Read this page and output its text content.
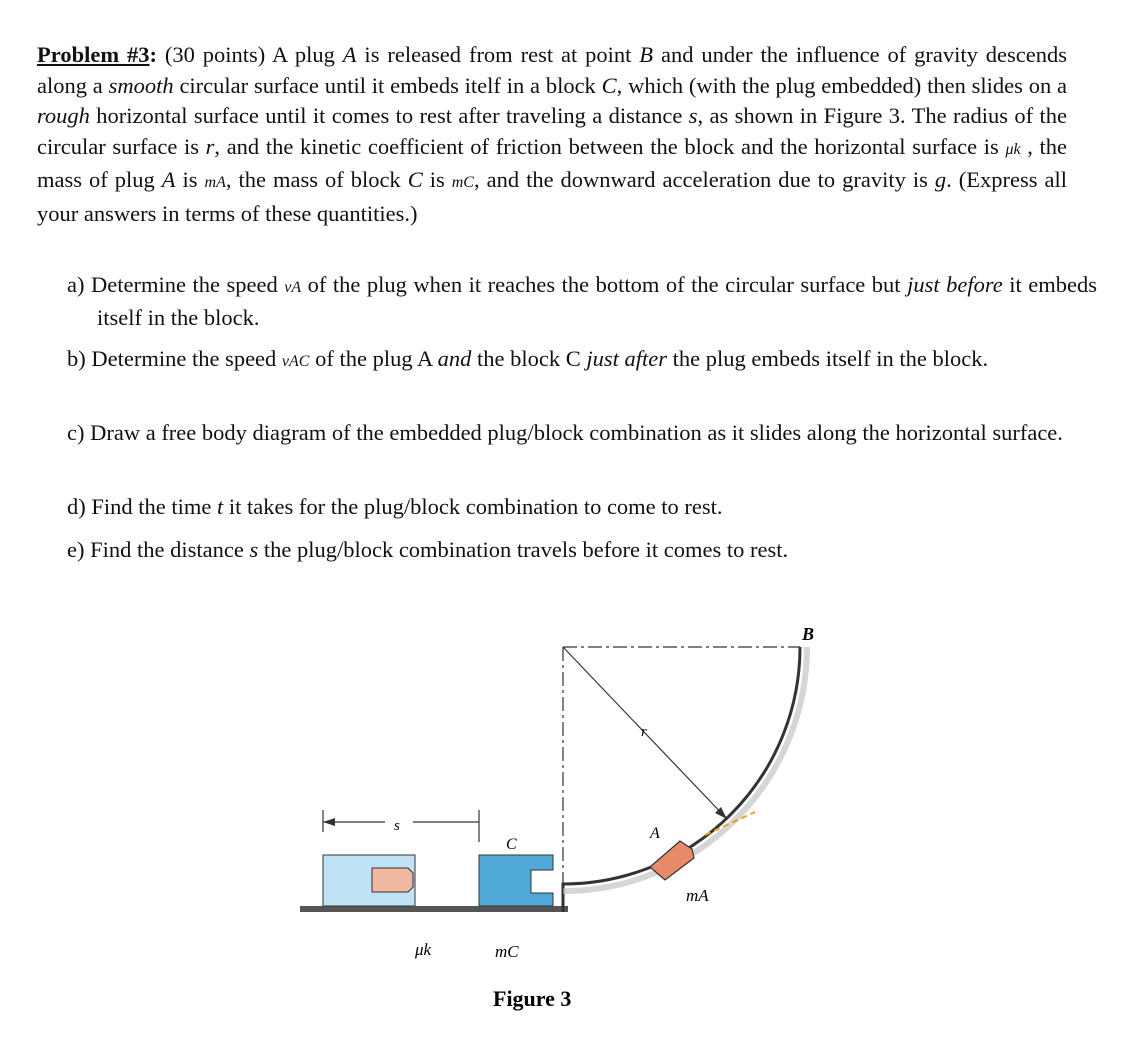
Problem #3: (30 points) A plug A is released from rest at point B and under the influence of gravity descends along a smooth circular surface until it embeds itelf in a block C, which (with the plug embedded) then slides on a rough horizontal surface until it comes to rest after traveling a distance s, as shown in Figure 3. The radius of the circular surface is r, and the kinetic coefficient of friction between the block and the horizontal surface is μk , the mass of plug A is mA, the mass of block C is mC, and the downward acceleration due to gravity is g. (Express all your answers in terms of these quantities.)

a) Determine the speed vA of the plug when it reaches the bottom of the circular surface but just before it embeds itself in the block.

b) Determine the speed vAC of the plug A and the block C just after the plug embeds itself in the block.

c) Draw a free body diagram of the embedded plug/block combination as it slides along the horizontal surface.

d) Find the time t it takes for the plug/block combination to come to rest.

e) Find the distance s the plug/block combination travels before it comes to rest.

B
r
s
C
A
mA
μk	mC
Figure 3
